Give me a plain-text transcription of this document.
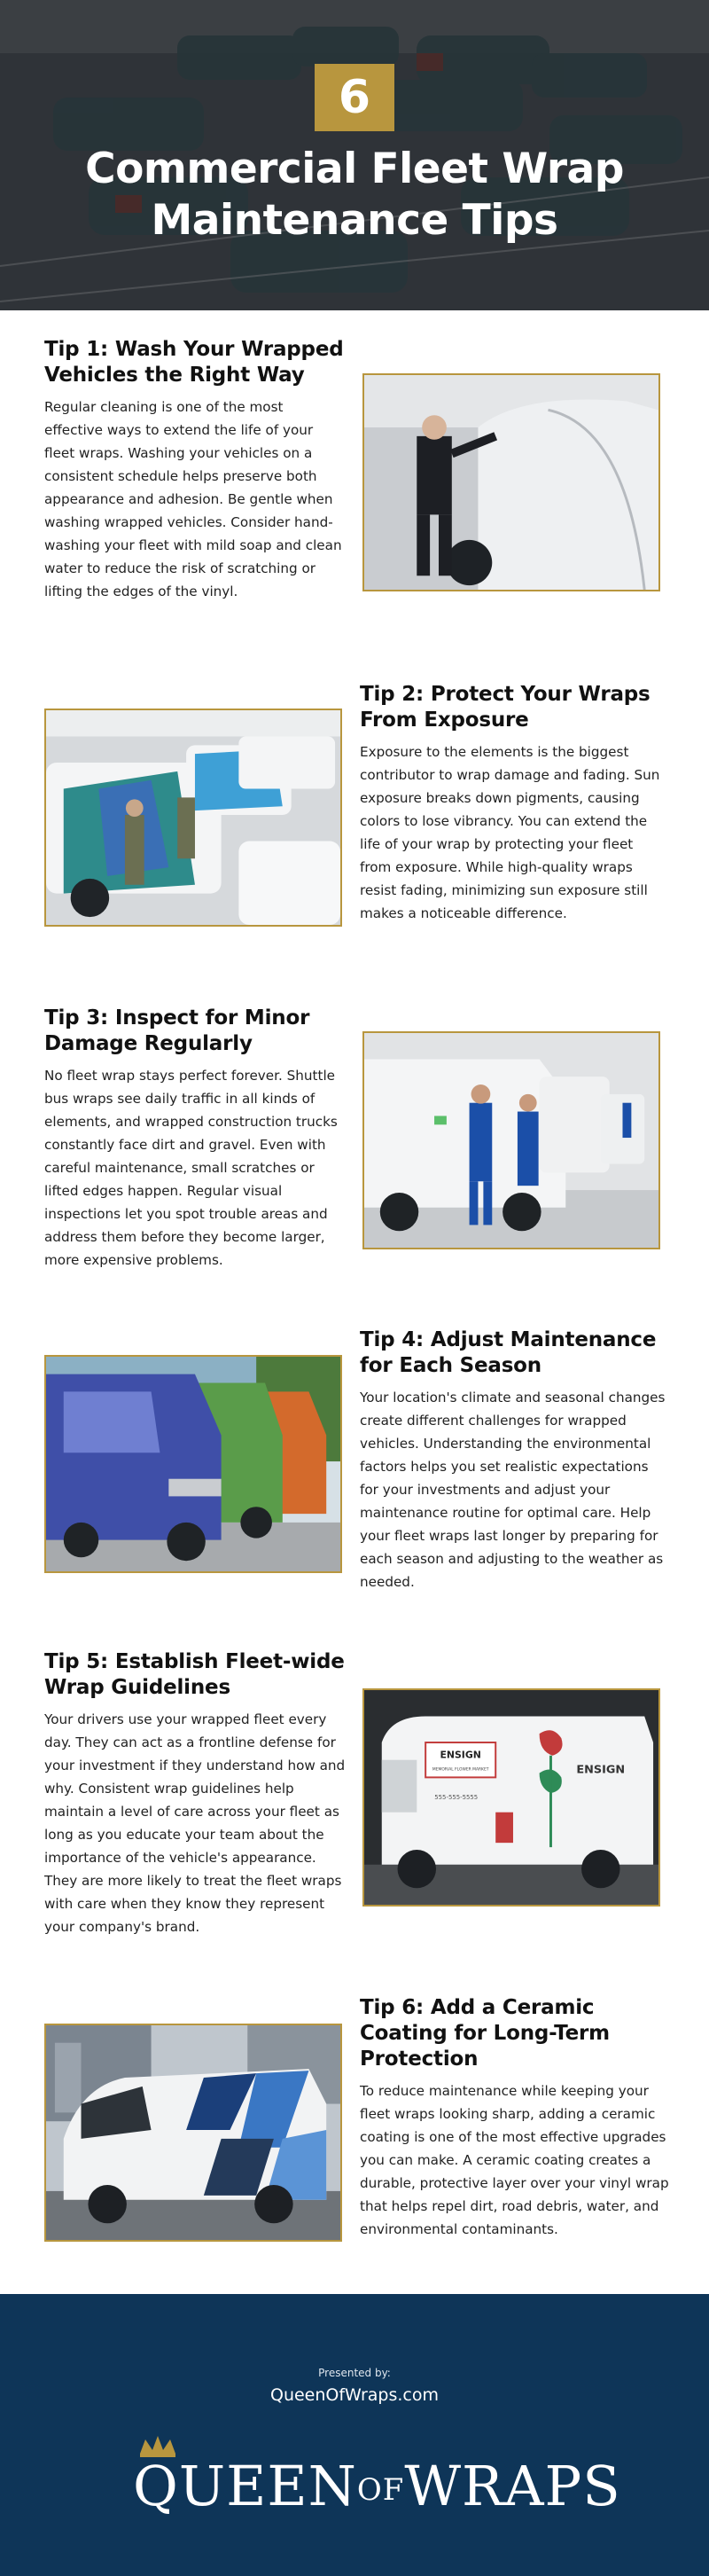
6
Commercial Fleet Wrap
Maintenance Tips
Tip 1: Wash Your Wrapped
Vehicles the Right Way
Regular cleaning is one of the most effective ways to extend the life of your fleet wraps. Washing your vehicles on a consistent schedule helps preserve both appearance and adhesion. Be gentle when washing wrapped vehicles. Consider hand-washing your fleet with mild soap and clean water to reduce the risk of scratching or lifting the edges of the vinyl.
Tip 2: Protect Your Wraps
From Exposure
Exposure to the elements is the biggest contributor to wrap damage and fading. Sun exposure breaks down pigments, causing colors to lose vibrancy. You can extend the life of your wrap by protecting your fleet from exposure. While high-quality wraps resist fading, minimizing sun exposure still makes a noticeable difference.
Tip 3: Inspect for Minor
Damage Regularly
No fleet wrap stays perfect forever. Shuttle bus wraps see daily traffic in all kinds of elements, and wrapped construction trucks constantly face dirt and gravel. Even with careful maintenance, small scratches or lifted edges happen. Regular visual inspections let you spot trouble areas and address them before they become larger, more expensive problems.
Tip 4: Adjust Maintenance
for Each Season
Your location's climate and seasonal changes create different challenges for wrapped vehicles. Understanding the environmental factors helps you set realistic expectations for your investments and adjust your maintenance routine for optimal care. Help your fleet wraps last longer by preparing for each season and adjusting to the weather as needed.
Tip 5: Establish Fleet-wide
Wrap Guidelines
Your drivers use your wrapped fleet every day. They can act as a frontline defense for your investment if they understand how and why. Consistent wrap guidelines help maintain a level of care across your fleet as long as you educate your team about the importance of the vehicle's appearance. They are more likely to treat the fleet wraps with care when they know they represent your company's brand.
ENSIGN
MEMORIAL FLOWER MARKET
555-555-5555
ENSIGN
Tip 6: Add a Ceramic
Coating for Long-Term
Protection
To reduce maintenance while keeping your fleet wraps looking sharp, adding a ceramic coating is one of the most effective upgrades you can make. A ceramic coating creates a durable, protective layer over your vinyl wrap that helps repel dirt, road debris, water, and environmental contaminants.
Presented by:
QueenOfWraps.com
QUEENOFWRAPS
